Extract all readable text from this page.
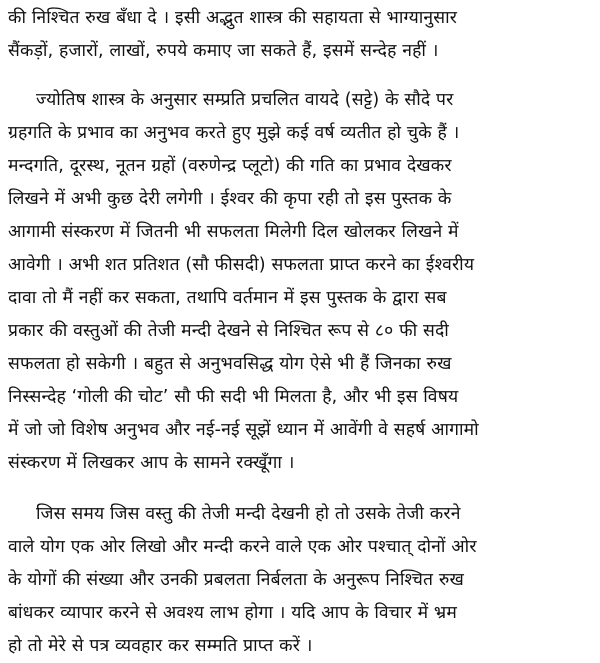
की निश्चित रुख बँधा दे । इसी अद्भुत शास्त्र की सहायता से भाग्यानुसार
सैंकड़ों, हजारों, लाखों, रुपये कमाए जा सकते हैं, इसमें सन्देह नहीं ।
ज्योतिष शास्त्र के अनुसार सम्प्रति प्रचलित वायदे (सट्टे) के सौदे पर
ग्रहगति के प्रभाव का अनुभव करते हुए मुझे कई वर्ष व्यतीत हो चुके हैं ।
मन्दगति, दूरस्थ, नूतन ग्रहों (वरुणेन्द्र प्लूटो) की गति का प्रभाव देखकर
लिखने में अभी कुछ देरी लगेगी । ईश्वर की कृपा रही तो इस पुस्तक के
आगामी संस्करण में जितनी भी सफलता मिलेगी दिल खोलकर लिखने में
आवेगी । अभी शत प्रतिशत (सौ फीसदी) सफलता प्राप्त करने का ईश्वरीय
दावा तो मैं नहीं कर सकता, तथापि वर्तमान में इस पुस्तक के द्वारा सब
प्रकार की वस्तुओं की तेजी मन्दी देखने से निश्चित रूप से ८० फी सदी
सफलता हो सकेगी । बहुत से अनुभवसिद्ध योग ऐसे भी हैं जिनका रुख
निस्सन्देह ‘गोली की चोट’ सौ फी सदी भी मिलता है, और भी इस विषय
में जो जो विशेष अनुभव और नई-नई सूझें ध्यान में आवेंगी वे सहर्ष आगामो
संस्करण में लिखकर आप के सामने रक्खूँगा ।
जिस समय जिस वस्तु की तेजी मन्दी देखनी हो तो उसके तेजी करने
वाले योग एक ओर लिखो और मन्दी करने वाले एक ओर पश्चात् दोनों ओर
के योगों की संख्या और उनकी प्रबलता निर्बलता के अनुरूप निश्चित रुख
बांधकर व्यापार करने से अवश्य लाभ होगा । यदि आप के विचार में भ्रम
हो तो मेरे से पत्र व्यवहार कर सम्मति प्राप्त करें ।
